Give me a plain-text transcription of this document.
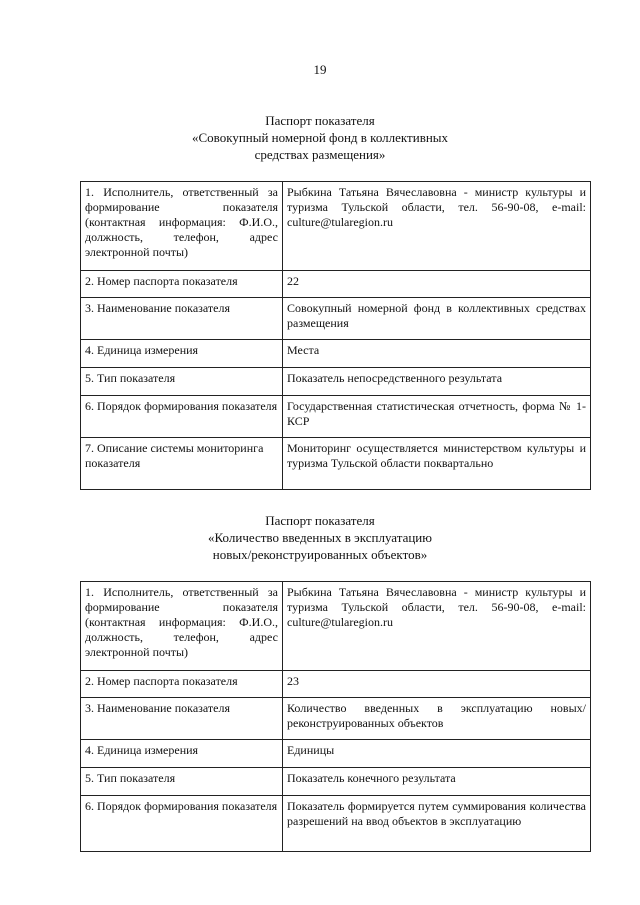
19
Паспорт показателя
«Совокупный номерной фонд в коллективных
средствах размещения»
1. Исполнитель, ответственный за формирование показателя (контактная информация: Ф.И.О., должность, телефон, адрес электронной почты)	Рыбкина Татьяна Вячеславовна - министр культуры и туризма Тульской области, тел. 56-90-08, e-mail: culture@tularegion.ru
2. Номер паспорта показателя	22
3. Наименование показателя	Совокупный номерной фонд в коллективных средствах размещения
4. Единица измерения	Места
5. Тип показателя	Показатель непосредственного результата
6. Порядок формирования показателя	Государственная статистическая отчетность, форма № 1-КСР
7. Описание системы мониторинга показателя	Мониторинг осуществляется министерством культуры и туризма Тульской области поквартально
Паспорт показателя
«Количество введенных в эксплуатацию
новых/реконструированных объектов»
1. Исполнитель, ответственный за формирование показателя (контактная информация: Ф.И.О., должность, телефон, адрес электронной почты)	Рыбкина Татьяна Вячеславовна - министр культуры и туризма Тульской области, тел. 56-90-08, e-mail: culture@tularegion.ru
2. Номер паспорта показателя	23
3. Наименование показателя	Количество введенных в эксплуатацию новых/реконструированных объектов
4. Единица измерения	Единицы
5. Тип показателя	Показатель конечного результата
6. Порядок формирования показателя	Показатель формируется путем суммирования количества разрешений на ввод объектов в эксплуатацию
